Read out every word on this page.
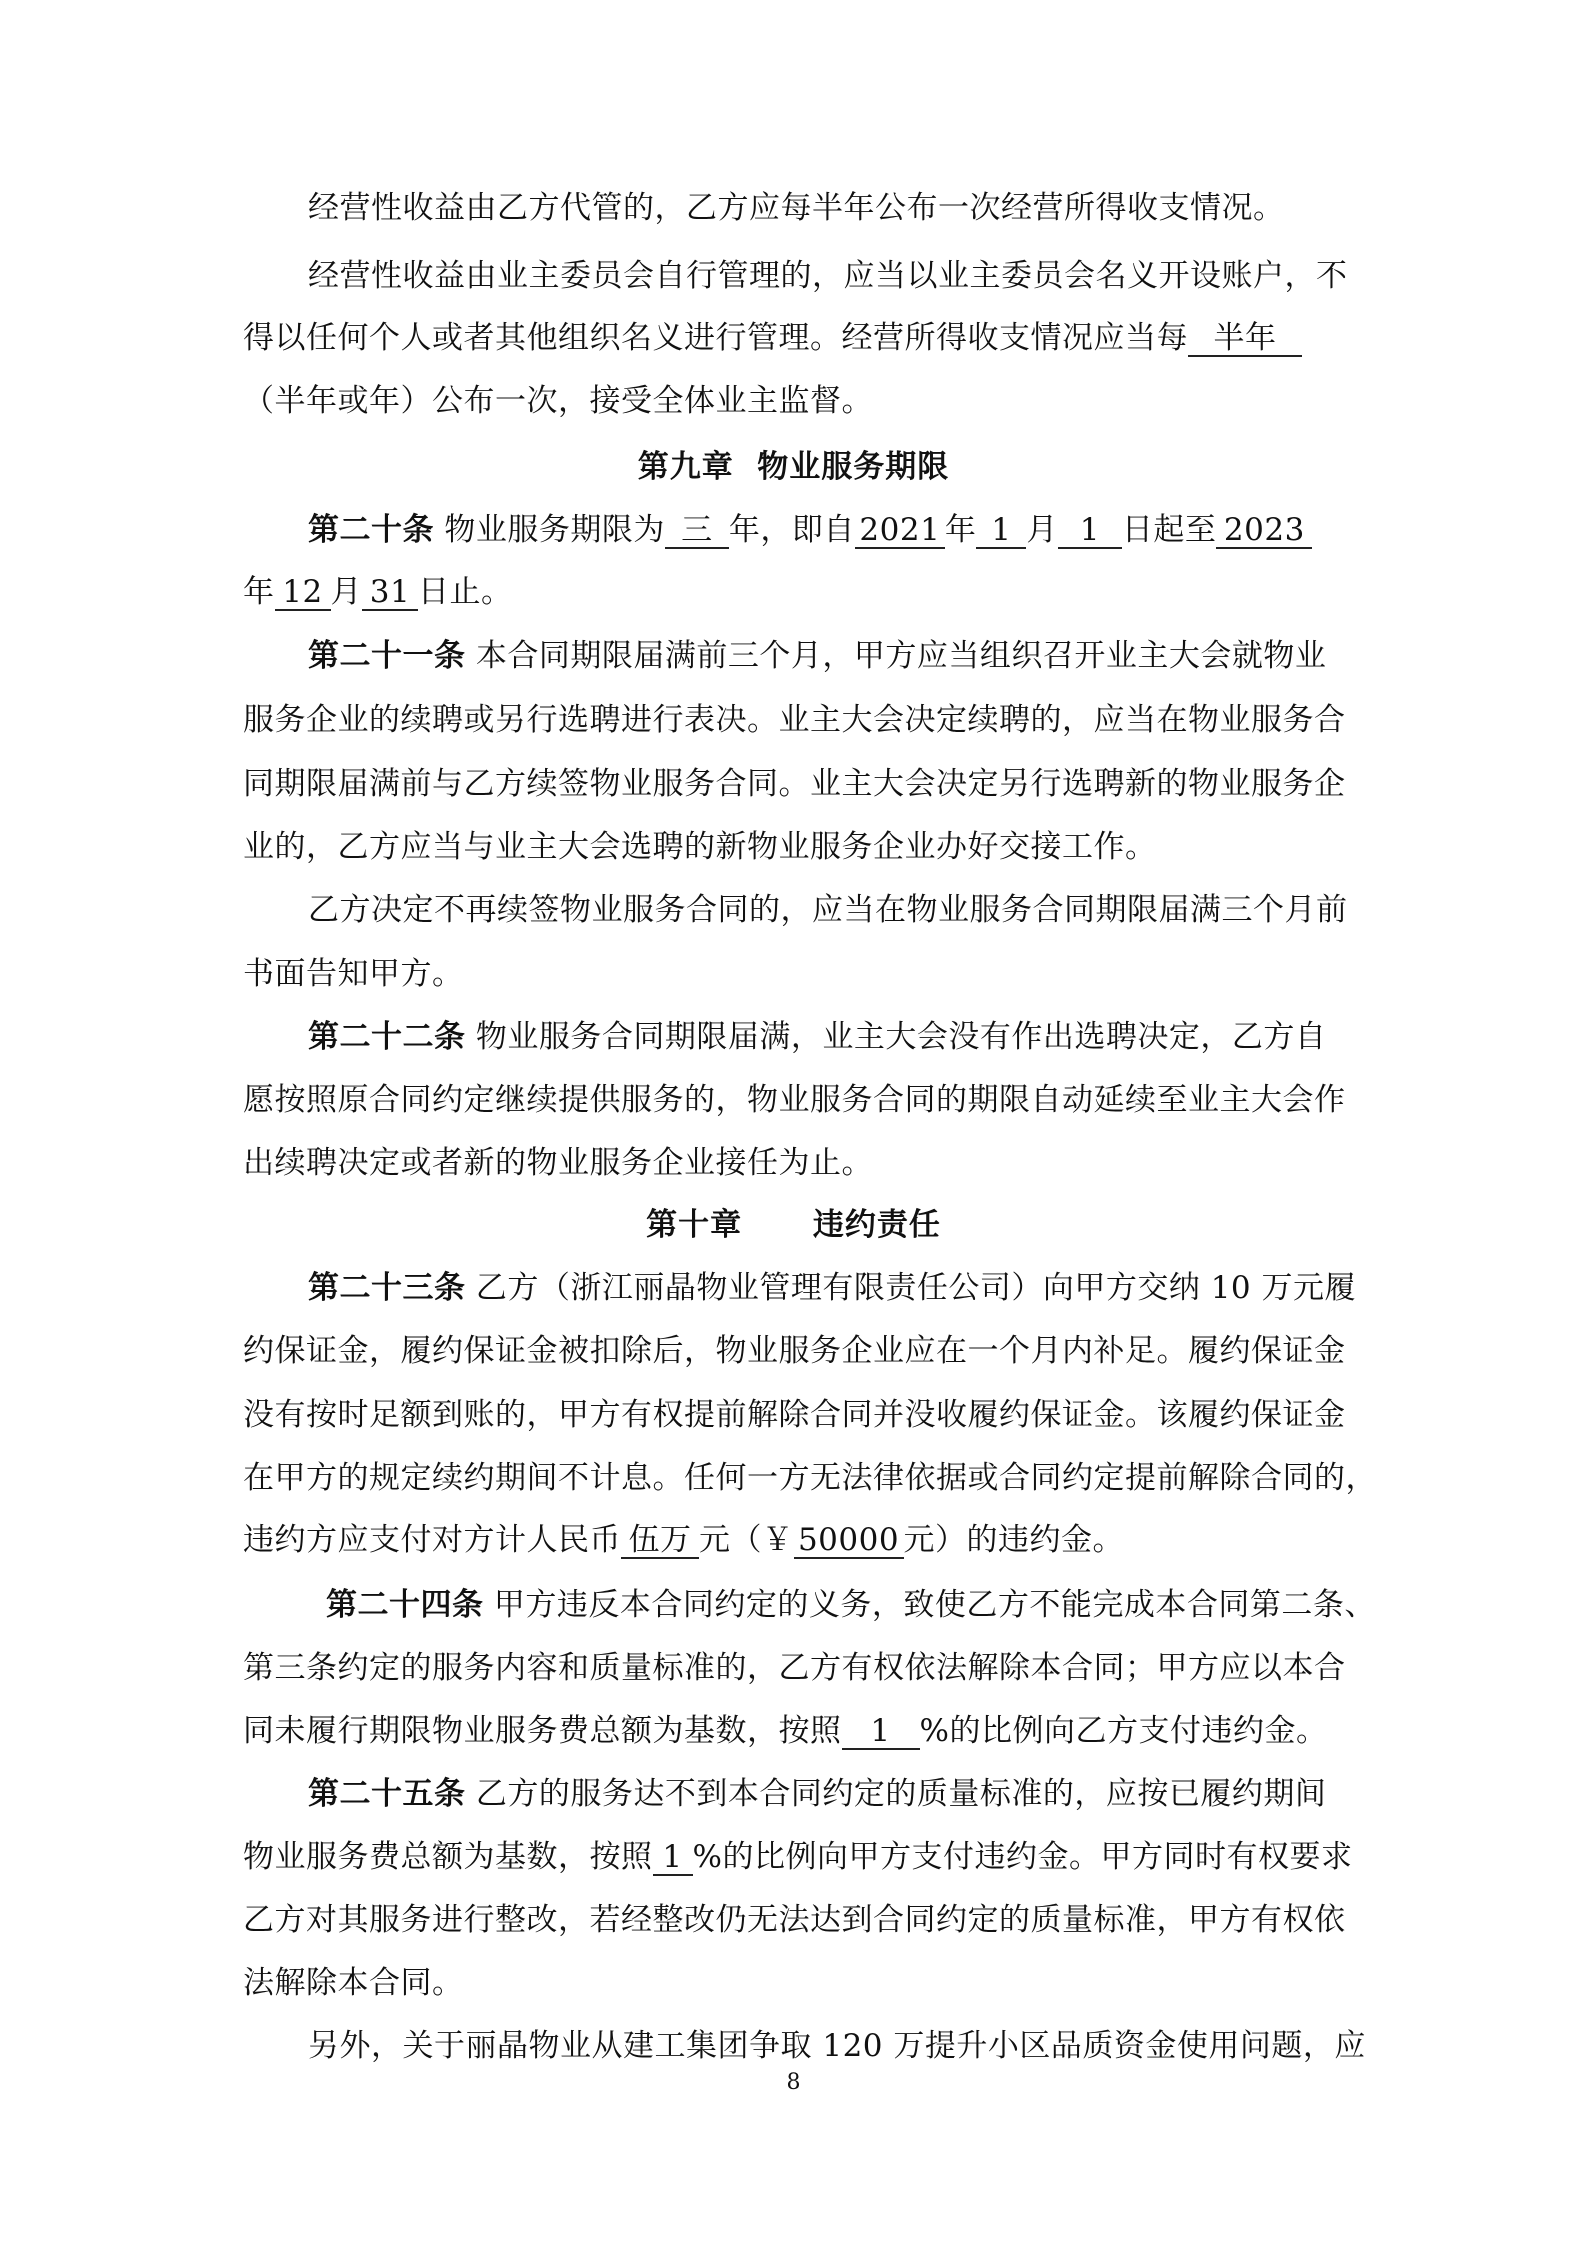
经营性收益由乙方代管的，乙方应每半年公布一次经营所得收支情况。
经营性收益由业主委员会自行管理的，应当以业主委员会名义开设账户，不
得以任何个人或者其他组织名义进行管理。经营所得收支情况应当每 半年
（半年或年）公布一次，接受全体业主监督。
第九章  物业服务期限
第二十条 物业服务期限为 三 年，即自 2021 年 1 月 1 日起至 2023
年 12 月 31 日止。
第二十一条 本合同期限届满前三个月，甲方应当组织召开业主大会就物业
服务企业的续聘或另行选聘进行表决。业主大会决定续聘的，应当在物业服务合
同期限届满前与乙方续签物业服务合同。业主大会决定另行选聘新的物业服务企
业的，乙方应当与业主大会选聘的新物业服务企业办好交接工作。
乙方决定不再续签物业服务合同的，应当在物业服务合同期限届满三个月前
书面告知甲方。
第二十二条 物业服务合同期限届满，业主大会没有作出选聘决定，乙方自
愿按照原合同约定继续提供服务的，物业服务合同的期限自动延续至业主大会作
出续聘决定或者新的物业服务企业接任为止。
第十章      违约责任
第二十三条 乙方（浙江丽晶物业管理有限责任公司）向甲方交纳 10 万元履
约保证金，履约保证金被扣除后，物业服务企业应在一个月内补足。履约保证金
没有按时足额到账的，甲方有权提前解除合同并没收履约保证金。该履约保证金
在甲方的规定续约期间不计息。任何一方无法律依据或合同约定提前解除合同的，
违约方应支付对方计人民币 伍万 元（￥ 50000 元）的违约金。
第二十四条 甲方违反本合同约定的义务，致使乙方不能完成本合同第二条、
第三条约定的服务内容和质量标准的，乙方有权依法解除本合同；甲方应以本合
同未履行期限物业服务费总额为基数，按照 1 %的比例向乙方支付违约金。
第二十五条 乙方的服务达不到本合同约定的质量标准的，应按已履约期间
物业服务费总额为基数，按照 1 %的比例向甲方支付违约金。甲方同时有权要求
乙方对其服务进行整改，若经整改仍无法达到合同约定的质量标准，甲方有权依
法解除本合同。
另外，关于丽晶物业从建工集团争取 120 万提升小区品质资金使用问题，应
8
